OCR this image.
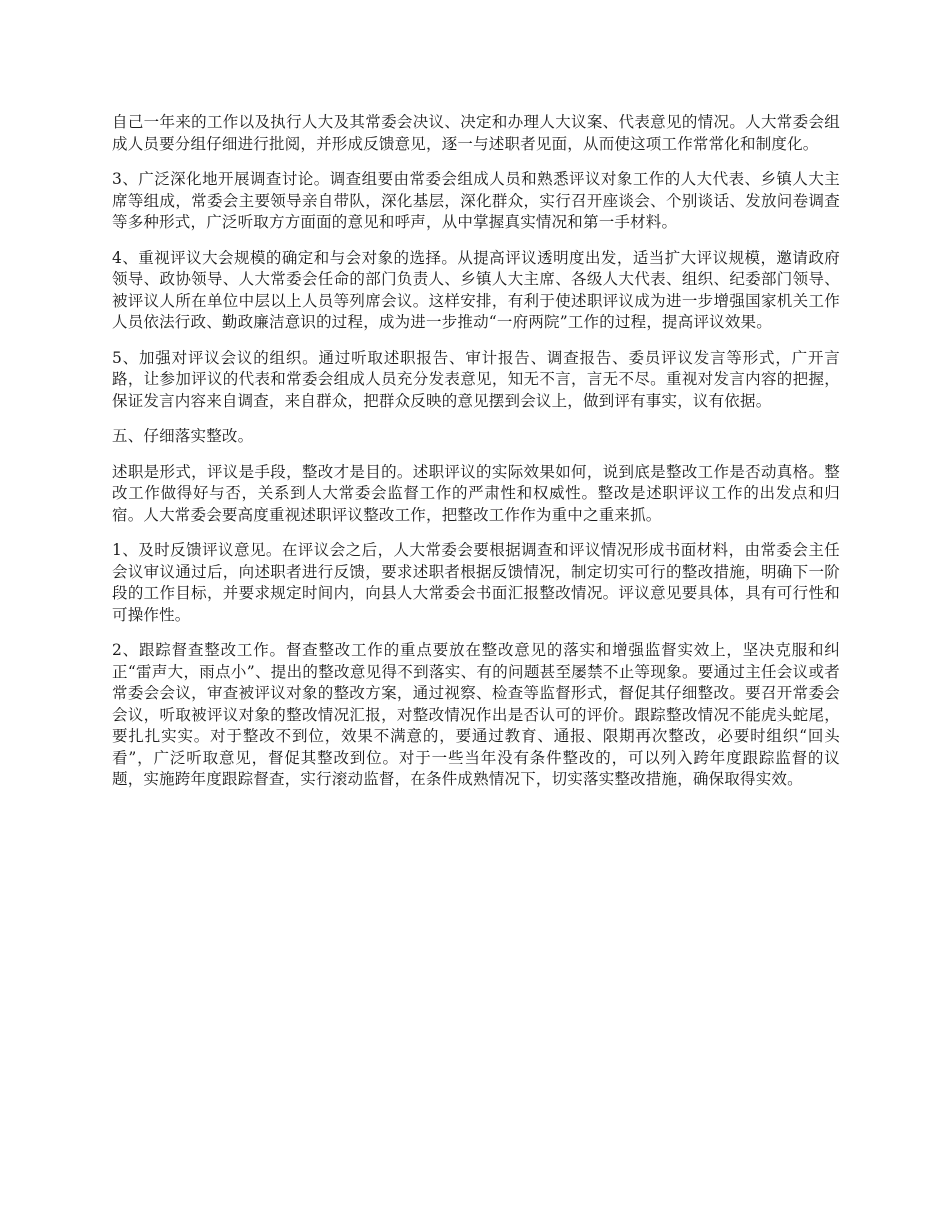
自己一年来的工作以及执行人大及其常委会决议、决定和办理人大议案、代表意见的情况。人大常委会组成人员要分组仔细进行批阅，并形成反馈意见，逐一与述职者见面，从而使这项工作常常化和制度化。

3、广泛深化地开展调查讨论。调查组要由常委会组成人员和熟悉评议对象工作的人大代表、乡镇人大主席等组成，常委会主要领导亲自带队，深化基层，深化群众，实行召开座谈会、个别谈话、发放问卷调查等多种形式，广泛听取方方面面的意见和呼声，从中掌握真实情况和第一手材料。

4、重视评议大会规模的确定和与会对象的选择。从提高评议透明度出发，适当扩大评议规模，邀请政府领导、政协领导、人大常委会任命的部门负责人、乡镇人大主席、各级人大代表、组织、纪委部门领导、被评议人所在单位中层以上人员等列席会议。这样安排，有利于使述职评议成为进一步增强国家机关工作人员依法行政、勤政廉洁意识的过程，成为进一步推动“一府两院”工作的过程，提高评议效果。

5、加强对评议会议的组织。通过听取述职报告、审计报告、调查报告、委员评议发言等形式，广开言路，让参加评议的代表和常委会组成人员充分发表意见，知无不言，言无不尽。重视对发言内容的把握，保证发言内容来自调查，来自群众，把群众反映的意见摆到会议上，做到评有事实，议有依据。

五、仔细落实整改。

述职是形式，评议是手段，整改才是目的。述职评议的实际效果如何，说到底是整改工作是否动真格。整改工作做得好与否，关系到人大常委会监督工作的严肃性和权威性。整改是述职评议工作的出发点和归宿。人大常委会要高度重视述职评议整改工作，把整改工作作为重中之重来抓。

1、及时反馈评议意见。在评议会之后，人大常委会要根据调查和评议情况形成书面材料，由常委会主任会议审议通过后，向述职者进行反馈，要求述职者根据反馈情况，制定切实可行的整改措施，明确下一阶段的工作目标，并要求规定时间内，向县人大常委会书面汇报整改情况。评议意见要具体，具有可行性和可操作性。

2、跟踪督查整改工作。督查整改工作的重点要放在整改意见的落实和增强监督实效上，坚决克服和纠正“雷声大，雨点小”、提出的整改意见得不到落实、有的问题甚至屡禁不止等现象。要通过主任会议或者常委会会议，审查被评议对象的整改方案，通过视察、检查等监督形式，督促其仔细整改。要召开常委会会议，听取被评议对象的整改情况汇报，对整改情况作出是否认可的评价。跟踪整改情况不能虎头蛇尾，要扎扎实实。对于整改不到位，效果不满意的，要通过教育、通报、限期再次整改，必要时组织“回头看”，广泛听取意见，督促其整改到位。对于一些当年没有条件整改的，可以列入跨年度跟踪监督的议题，实施跨年度跟踪督查，实行滚动监督，在条件成熟情况下，切实落实整改措施，确保取得实效。
